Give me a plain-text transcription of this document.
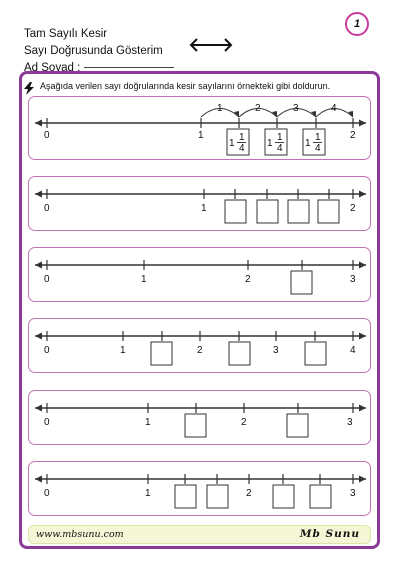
Tam Sayılı Kesir
Sayı Doğrusunda Gösterim
Ad Soyad :
1
Aşağıda verilen sayı doğrularında kesir sayılarını örnekteki gibi doldurun.
0	1	2
1	2	3	4
1
1
4 1
1
4 1
1
4
0	1	2
0	1	2	3
0	1	2	3	4
0	1	2	3
0	1	2	3
www.mbsunu.com	Mb Sunu
